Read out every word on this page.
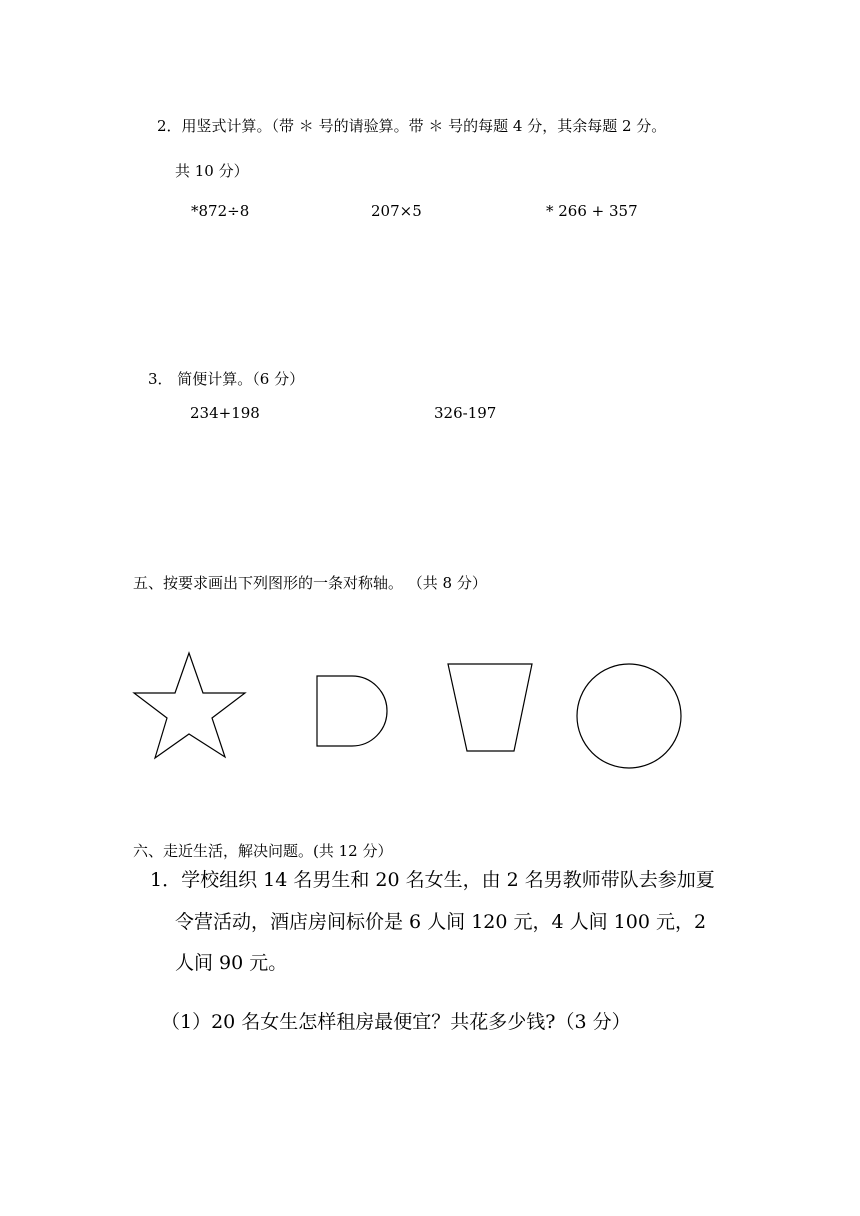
2．用竖式计算。（带 ＊ 号的请验算。带 ＊ 号的每题 4 分，其余每题 2 分。
共 10 分）
*872÷8	207×5	* 266 + 357
3． 简便计算。（6 分）
234+198	326-197
五、按要求画出下列图形的一条对称轴。 （共 8 分）
六、走近生活，解决问题。(共 12 分）
1．学校组织 14 名男生和 20 名女生，由 2 名男教师带队去参加夏
令营活动，酒店房间标价是 6 人间 120 元，4 人间 100 元，2
人间 90 元。
（1）20 名女生怎样租房最便宜？共花多少钱?（3 分）
